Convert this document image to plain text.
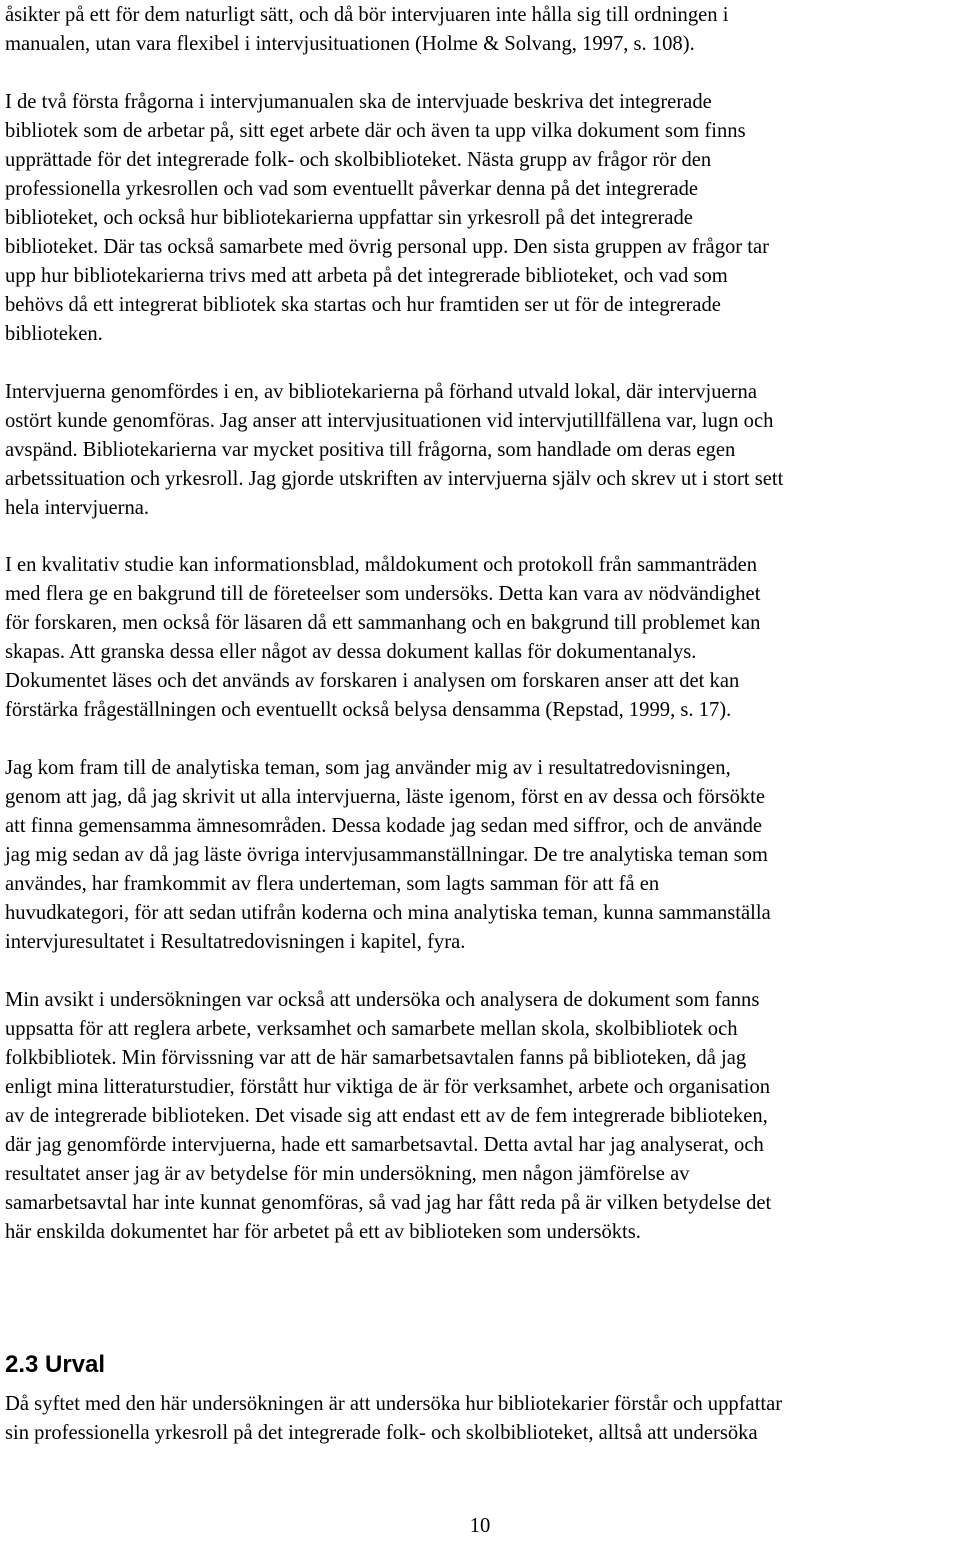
åsikter på ett för dem naturligt sätt, och då bör intervjuaren inte hålla sig till ordningen i
manualen, utan vara flexibel i intervjusituationen (Holme & Solvang, 1997, s. 108).
I de två första frågorna i intervjumanualen ska de intervjuade beskriva det integrerade
bibliotek som de arbetar på, sitt eget arbete där och även ta upp vilka dokument som finns
upprättade för det integrerade folk- och skolbiblioteket. Nästa grupp av frågor rör den
professionella yrkesrollen och vad som eventuellt påverkar denna på det integrerade
biblioteket, och också hur bibliotekarierna uppfattar sin yrkesroll på det integrerade
biblioteket. Där tas också samarbete med övrig personal upp. Den sista gruppen av frågor tar
upp hur bibliotekarierna trivs med att arbeta på det integrerade biblioteket, och vad som
behövs då ett integrerat bibliotek ska startas och hur framtiden ser ut för de integrerade
biblioteken.
Intervjuerna genomfördes i en, av bibliotekarierna på förhand utvald lokal, där intervjuerna
ostört kunde genomföras. Jag anser att intervjusituationen vid intervjutillfällena var, lugn och
avspänd. Bibliotekarierna var mycket positiva till frågorna, som handlade om deras egen
arbetssituation och yrkesroll. Jag gjorde utskriften av intervjuerna själv och skrev ut i stort sett
hela intervjuerna.
I en kvalitativ studie kan informationsblad, måldokument och protokoll från sammanträden
med flera ge en bakgrund till de företeelser som undersöks. Detta kan vara av nödvändighet
för forskaren, men också för läsaren då ett sammanhang och en bakgrund till problemet kan
skapas. Att granska dessa eller något av dessa dokument kallas för dokumentanalys.
Dokumentet läses och det används av forskaren i analysen om forskaren anser att det kan
förstärka frågeställningen och eventuellt också belysa densamma (Repstad, 1999, s. 17).
Jag kom fram till de analytiska teman, som jag använder mig av i resultatredovisningen,
genom att jag, då jag skrivit ut alla intervjuerna, läste igenom, först en av dessa och försökte
att finna gemensamma ämnesområden. Dessa kodade jag sedan med siffror, och de använde
jag mig sedan av då jag läste övriga intervjusammanställningar. De tre analytiska teman som
användes, har framkommit av flera underteman, som lagts samman för att få en
huvudkategori, för att sedan utifrån koderna och mina analytiska teman, kunna sammanställa
intervjuresultatet i Resultatredovisningen i kapitel, fyra.
Min avsikt i undersökningen var också att undersöka och analysera de dokument som fanns
uppsatta för att reglera arbete, verksamhet och samarbete mellan skola, skolbibliotek och
folkbibliotek. Min förvissning var att de här samarbetsavtalen fanns på biblioteken, då jag
enligt mina litteraturstudier, förstått hur viktiga de är för verksamhet, arbete och organisation
av de integrerade biblioteken. Det visade sig att endast ett av de fem integrerade biblioteken,
där jag genomförde intervjuerna, hade ett samarbetsavtal. Detta avtal har jag analyserat, och
resultatet anser jag är av betydelse för min undersökning, men någon jämförelse av
samarbetsavtal har inte kunnat genomföras, så vad jag har fått reda på är vilken betydelse det
här enskilda dokumentet har för arbetet på ett av biblioteken som undersökts.
2.3 Urval
Då syftet med den här undersökningen är att undersöka hur bibliotekarier förstår och uppfattar
sin professionella yrkesroll på det integrerade folk- och skolbiblioteket, alltså att undersöka
10
